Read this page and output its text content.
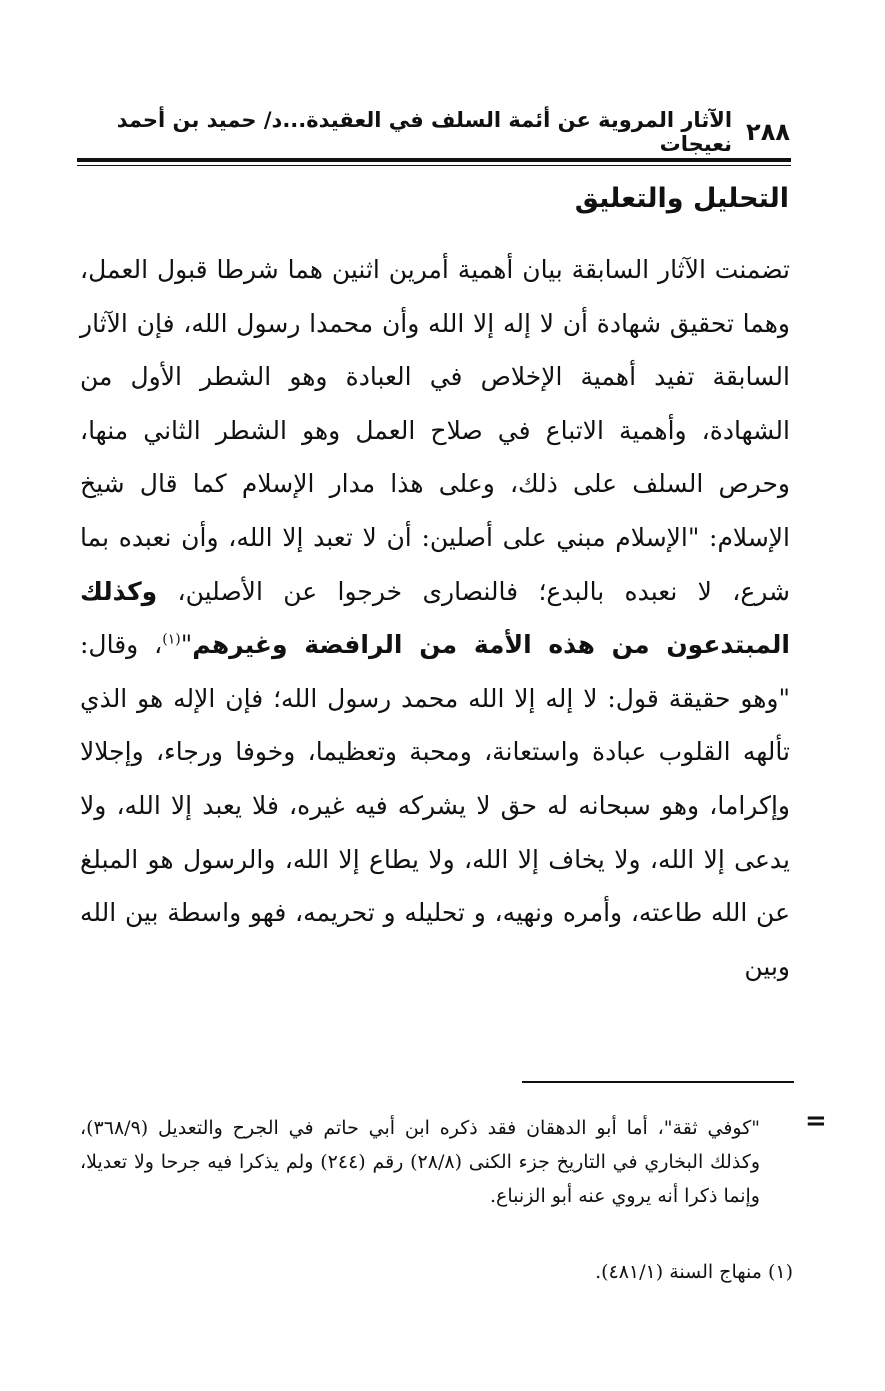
٢٨٨
الآثار المروية عن أئمة السلف في العقيدة...د/ حميد بن أحمد نعيجات
التحليل والتعليق

تضمنت الآثار السابقة بيان أهمية أمرين اثنين هما شرطا قبول العمل، وهما تحقيق شهادة أن لا إله إلا الله وأن محمدا رسول الله، فإن الآثار السابقة تفيد أهمية الإخلاص في العبادة وهو الشطر الأول من الشهادة، وأهمية الاتباع في صلاح العمل وهو الشطر الثاني منها، وحرص السلف على ذلك، وعلى هذا مدار الإسلام كما قال شيخ الإسلام: "الإسلام مبني على أصلين: أن لا تعبد إلا الله، وأن نعبده بما شرع، لا نعبده بالبدع؛ فالنصارى خرجوا عن الأصلين، وكذلك المبتدعون من هذه الأمة من الرافضة وغيرهم"$^{(١)}$، وقال: "وهو حقيقة قول: لا إله إلا الله محمد رسول الله؛ فإن الإله هو الذي تألهه القلوب عبادة واستعانة، ومحبة وتعظيما، وخوفا ورجاء، وإجلالا وإكراما، وهو سبحانه له حق لا يشركه فيه غيره، فلا يعبد إلا الله، ولا يدعى إلا الله، ولا يخاف إلا الله، ولا يطاع إلا الله، والرسول هو المبلغ عن الله طاعته، وأمره ونهيه، و تحليله و تحريمه، فهو واسطة بين الله وبين

=

"كوفي ثقة"، أما أبو الدهقان فقد ذكره ابن أبي حاتم في الجرح والتعديل (٣٦٨/٩)، وكذلك البخاري في التاريخ جزء الكنى (٢٨/٨) رقم (٢٤٤) ولم يذكرا فيه جرحا ولا تعديلا، وإنما ذكرا أنه يروي عنه أبو الزنباع.

(١) منهاج السنة (٤٨١/١).
